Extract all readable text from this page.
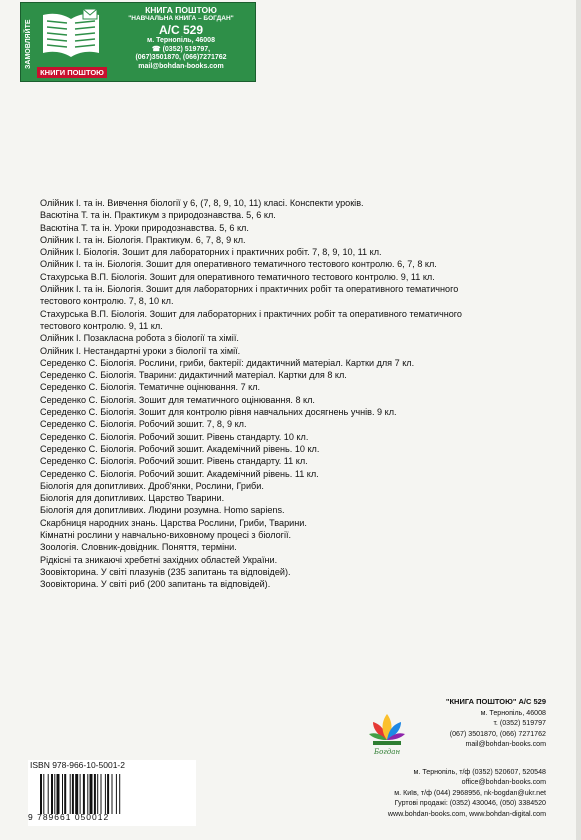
ЗАМОВЛЯЙТЕ
КНИГИ ПОШТОЮ
КНИГА ПОШТОЮ
"НАВЧАЛЬНА КНИГА – БОГДАН"
А/С 529
м. Тернопіль, 46008
☎ (0352) 519797,
(067)3501870, (066)7271762
mail@bohdan-books.com
Олійник І. та ін. Вивчення біології у 6, (7, 8, 9, 10, 11) класі. Конспекти уроків.
Васютіна Т. та ін. Практикум з природознавства. 5, 6 кл.
Васютіна Т. та ін. Уроки природознавства. 5, 6 кл.
Олійник І. та ін. Біологія. Практикум. 6, 7, 8, 9 кл.
Олійник І. Біологія. Зошит для лабораторних і практичних робіт. 7, 8, 9, 10, 11 кл.
Олійник І. та ін. Біологія. Зошит для оперативного тематичного тестового контролю. 6, 7, 8 кл.
Стахурська В.П. Біологія. Зошит для оперативного тематичного тестового контролю. 9, 11 кл.
Олійник І. та ін. Біологія. Зошит для лабораторних і практичних робіт та оперативного тематичного
тестового контролю. 7, 8, 10 кл.
Стахурська В.П. Біологія. Зошит для лабораторних і практичних робіт та оперативного тематичного
тестового контролю. 9, 11 кл.
Олійник І. Позакласна робота з біології та хімії.
Олійник І. Нестандартні уроки з біології та хімії.
Середенко С. Біологія. Рослини, гриби, бактерії: дидактичний матеріал. Картки для 7 кл.
Середенко С. Біологія. Тварини: дидактичний матеріал. Картки для 8 кл.
Середенко С. Біологія. Тематичне оцінювання. 7 кл.
Середенко С. Біологія. Зошит для тематичного оцінювання. 8 кл.
Середенко С. Біологія. Зошит для контролю рівня навчальних досягнень учнів. 9 кл.
Середенко С. Біологія. Робочий зошит. 7, 8, 9 кл.
Середенко С. Біологія. Робочий зошит. Рівень стандарту. 10 кл.
Середенко С. Біологія. Робочий зошит. Академічний рівень. 10 кл.
Середенко С. Біологія. Робочий зошит. Рівень стандарту. 11 кл.
Середенко С. Біологія. Робочий зошит. Академічний рівень. 11 кл.
Біологія для допитливих. Дроб'янки, Рослини, Гриби.
Біологія для допитливих. Царство Тварини.
Біологія для допитливих. Людини розумна. Homo sapiens.
Скарбниця народних знань. Царства Рослини, Гриби, Тварини.
Кімнатні рослини у навчально-виховному процесі з біології.
Зоологія. Словник-довідник. Поняття, терміни.
Рідкісні та зникаючі хребетні західних областей України.
Зоовікторина. У світі плазунів (235 запитань та відповідей).
Зоовікторина. У світі риб (200 запитань та відповідей).
"КНИГА ПОШТОЮ" А/С 529
м. Тернопіль, 46008
т. (0352) 519797
(067) 3501870, (066) 7271762
mail@bohdan-books.com
Богдан
м. Тернопіль, т/ф (0352) 520607, 520548
office@bohdan-books.com
м. Київ, т/ф (044) 2968956, nk-bogdan@ukr.net
Гуртові продажі: (0352) 430046, (050) 3384520
www.bohdan-books.com, www.bohdan-digital.com
ISBN 978-966-10-5001-2
9 789661 050012
